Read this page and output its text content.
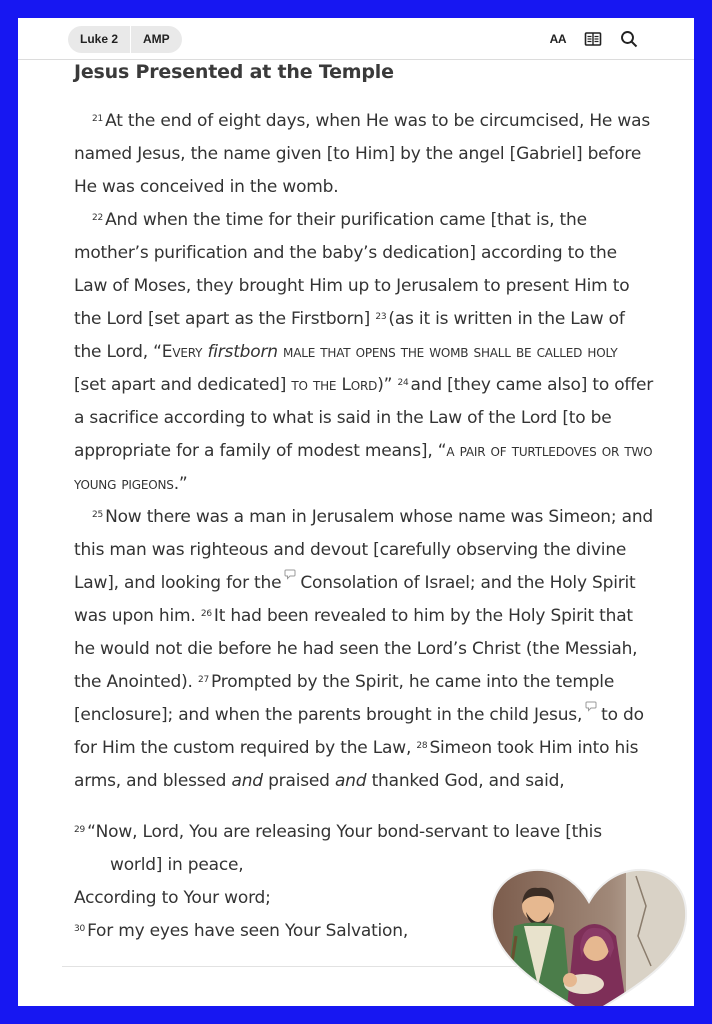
Luke 2	AMP	AA
Jesus Presented at the Temple

$^{21}$ At the end of eight days, when He was to be circumcised, He was named Jesus, the name given [to Him] by the angel [Gabriel] before He was conceived in the womb.

$^{22}$ And when the time for their purification came [that is, the mother’s purification and the baby’s dedication] according to the Law of Moses, they brought Him up to Jerusalem to present Him to the Lord [set apart as the Firstborn] $^{23}$ (as it is written in the Law of the Lord, “Every firstborn male that opens the womb shall be called holy [set apart and dedicated] to the Lord)” $^{24}$ and [they came also] to offer a sacrifice according to what is said in the Law of the Lord [to be appropriate for a family of modest means], “a pair of turtledoves or two young pigeons.”

$^{25}$ Now there was a man in Jerusalem whose name was Simeon; and this man was righteous and devout [carefully observing the divine Law], and looking for the Consolation of Israel; and the Holy Spirit was upon him. $^{26}$ It had been revealed to him by the Holy Spirit that he would not die before he had seen the Lord’s Christ (the Messiah, the Anointed). $^{27}$ Prompted by the Spirit, he came into the temple [enclosure]; and when the parents brought in the child Jesus, to do for Him the custom required by the Law, $^{28}$ Simeon took Him into his arms, and blessed and praised and thanked God, and said,

$^{29}$ “Now, Lord, You are releasing Your bond-servant to leave [this

world] in peace,

According to Your word;

$^{30}$ For my eyes have seen Your Salvation,
